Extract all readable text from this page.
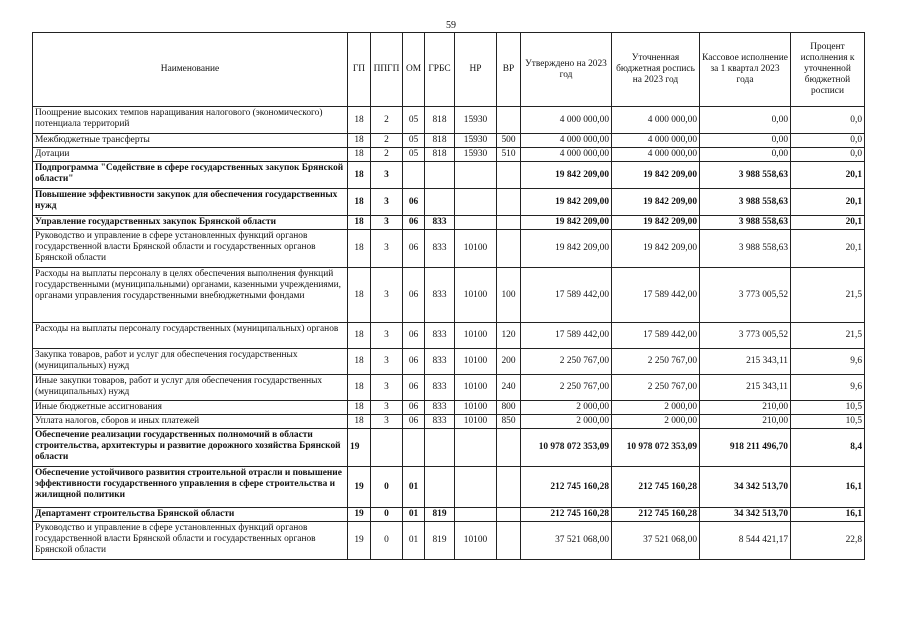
59
Наименование	ГП	ППГП	ОМ	ГРБС	НР	ВР	Утверждено на 2023 год	Уточненная бюджетная роспись на 2023 год	Кассовое исполнение за 1 квартал 2023 года	Процент исполнения к уточненной бюджетной росписи
Поощрение высоких темпов наращивания налогового (экономического) потенциала территорий	18	2	05	818	15930		4 000 000,00	4 000 000,00	0,00	0,0
Межбюджетные трансферты	18	2	05	818	15930	500	4 000 000,00	4 000 000,00	0,00	0,0
Дотации	18	2	05	818	15930	510	4 000 000,00	4 000 000,00	0,00	0,0
Подпрограмма "Содействие в сфере государственных закупок Брянской области"	18	3					19 842 209,00	19 842 209,00	3 988 558,63	20,1
Повышение эффективности закупок для обеспечения государственных нужд	18	3	06				19 842 209,00	19 842 209,00	3 988 558,63	20,1
Управление государственных закупок Брянской области	18	3	06	833			19 842 209,00	19 842 209,00	3 988 558,63	20,1
Руководство и управление в сфере установленных функций органов государственной власти Брянской области и государственных органов Брянской области	18	3	06	833	10100		19 842 209,00	19 842 209,00	3 988 558,63	20,1
Расходы на выплаты персоналу в целях обеспечения выполнения функций государственными (муниципальными) органами, казенными учреждениями, органами управления государственными внебюджетными фондами	18	3	06	833	10100	100	17 589 442,00	17 589 442,00	3 773 005,52	21,5
Расходы на выплаты персоналу государственных (муниципальных) органов	18	3	06	833	10100	120	17 589 442,00	17 589 442,00	3 773 005,52	21,5
Закупка товаров, работ и услуг для обеспечения государственных (муниципальных) нужд	18	3	06	833	10100	200	2 250 767,00	2 250 767,00	215 343,11	9,6
Иные закупки товаров, работ и услуг для обеспечения государственных (муниципальных) нужд	18	3	06	833	10100	240	2 250 767,00	2 250 767,00	215 343,11	9,6
Иные бюджетные ассигнования	18	3	06	833	10100	800	2 000,00	2 000,00	210,00	10,5
Уплата налогов, сборов и иных платежей	18	3	06	833	10100	850	2 000,00	2 000,00	210,00	10,5
Обеспечение реализации государственных полномочий в области строительства, архитектуры и развитие дорожного хозяйства Брянской области	19						10 978 072 353,09	10 978 072 353,09	918 211 496,70	8,4
Обеспечение устойчивого развития строительной отрасли и повышение эффективности государственного управления в сфере строительства и жилищной политики	19	0	01				212 745 160,28	212 745 160,28	34 342 513,70	16,1
Департамент строительства Брянской области	19	0	01	819			212 745 160,28	212 745 160,28	34 342 513,70	16,1
Руководство и управление в сфере установленных функций органов государственной власти Брянской области и государственных органов Брянской области	19	0	01	819	10100		37 521 068,00	37 521 068,00	8 544 421,17	22,8
